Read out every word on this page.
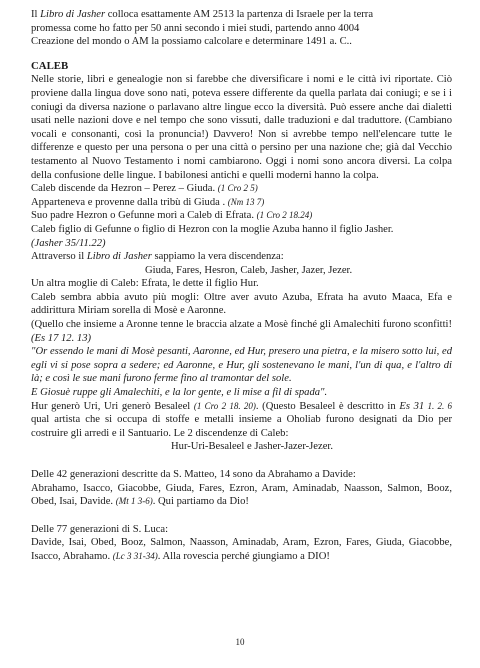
Il Libro di Jasher colloca esattamente AM 2513 la partenza di Israele per la terra
promessa come ho fatto per 50 anni secondo i miei studi, partendo anno 4004
Creazione del mondo o AM la possiamo calcolare e determinare 1491 a. C..

CALEB

Nelle storie, libri e genealogie non si farebbe che diversificare i nomi e le città ivi riportate. Ciò proviene dalla lingua dove sono nati, poteva essere differente da quella parlata dai coniugi; e se i i coniugi da diversa nazione o parlavano altre lingue ecco la diversità. Può essere anche dai dialetti usati nelle nazioni dove e nel tempo che sono vissuti, dalle traduzioni e dal traduttore. (Cambiano vocali e consonanti, così la pronuncia!) Davvero! Non si avrebbe tempo nell'elencare tutte le differenze e questo per una persona o per una città o persino per una nazione che; già dal Vecchio testamento al Nuovo Testamento i nomi cambiarono. Oggi i nomi sono ancora diversi. La colpa della confusione delle lingue. I babilonesi antichi e quelli moderni hanno la colpa.

Caleb discende da Hezron – Perez – Giuda. (1 Cro 2 5)

Apparteneva e provenne dalla tribù di Giuda . (Nm 13 7)

Suo padre Hezron o Gefunne morì a Caleb di Efrata. (1 Cro 2 18.24)

Caleb figlio di Gefunne o figlio di Hezron con la moglie Azuba hanno il figlio Jasher.

(Jasher 35/11.22)

Attraverso il Libro di Jasher sappiamo la vera discendenza:

Giuda, Fares, Hesron, Caleb, Jasher, Jazer, Jezer.

Un altra moglie di Caleb: Efrata, le dette il figlio Hur.

Caleb sembra abbia avuto più mogli: Oltre aver avuto Azuba, Efrata ha avuto Maaca, Efa e addirittura Miriam sorella di Mosè e Aaronne.

(Quello che insieme a Aronne tenne le braccia alzate a Mosè finché gli Amalechiti furono sconfitti! (Es 17 12. 13)

"Or essendo le mani di Mosè pesanti, Aaronne, ed Hur, presero una pietra, e la misero sotto lui, ed egli vi si pose sopra a sedere; ed Aaronne, e Hur, gli sostenevano le mani, l'un di qua, e l'altro di là; e così le sue mani furono ferme fino al tramontar del sole.

E Giosuè ruppe gli Amalechiti, e la lor gente, e li mise a fil di spada".

Hur generò Uri, Uri generò Besaleel (1 Cro 2 18. 20). (Questo Besaleel è descritto in Es 31 1. 2. 6 qual artista che si occupa di stoffe e metalli insieme a Oholiab furono designati da Dio per costruire gli arredi e il Santuario. Le 2 discendenze di Caleb:

Hur-Uri-Besaleel e Jasher-Jazer-Jezer.

Delle 42 generazioni descritte da S. Matteo, 14 sono da Abrahamo a Davide:

Abrahamo, Isacco, Giacobbe, Giuda, Fares, Ezron, Aram, Aminadab, Naasson, Salmon, Booz, Obed, Isai, Davide. (Mt 1 3-6). Qui partiamo da Dio!

Delle 77 generazioni di S. Luca:

Davide, Isai, Obed, Booz, Salmon, Naasson, Aminadab, Aram, Ezron, Fares, Giuda, Giacobbe, Isacco, Abrahamo. (Lc 3 31-34). Alla rovescia perché giungiamo a DIO!

10
